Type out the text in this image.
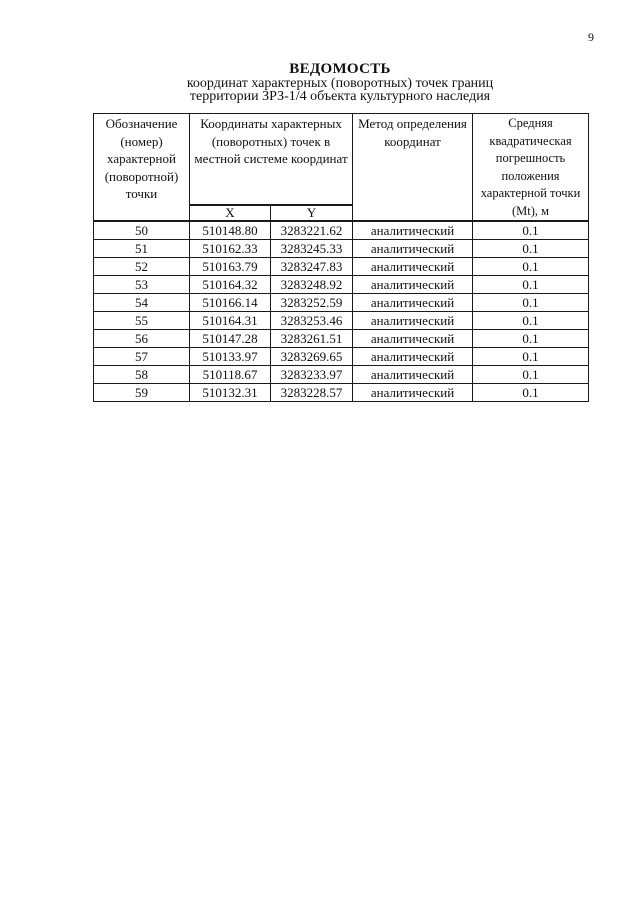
9
ВЕДОМОСТЬ
координат характерных (поворотных) точек границ
территории ЗРЗ-1/4 объекта культурного наследия
Обозначение (номер) характерной (поворотной) точки	Координаты характерных (поворотных) точек в местной системе координат		Метод определения координат	Средняя квадратическая погрешность положения характерной точки (Mt), м
	X	Y		
50	510148.80	3283221.62	аналитический	0.1
51	510162.33	3283245.33	аналитический	0.1
52	510163.79	3283247.83	аналитический	0.1
53	510164.32	3283248.92	аналитический	0.1
54	510166.14	3283252.59	аналитический	0.1
55	510164.31	3283253.46	аналитический	0.1
56	510147.28	3283261.51	аналитический	0.1
57	510133.97	3283269.65	аналитический	0.1
58	510118.67	3283233.97	аналитический	0.1
59	510132.31	3283228.57	аналитический	0.1
